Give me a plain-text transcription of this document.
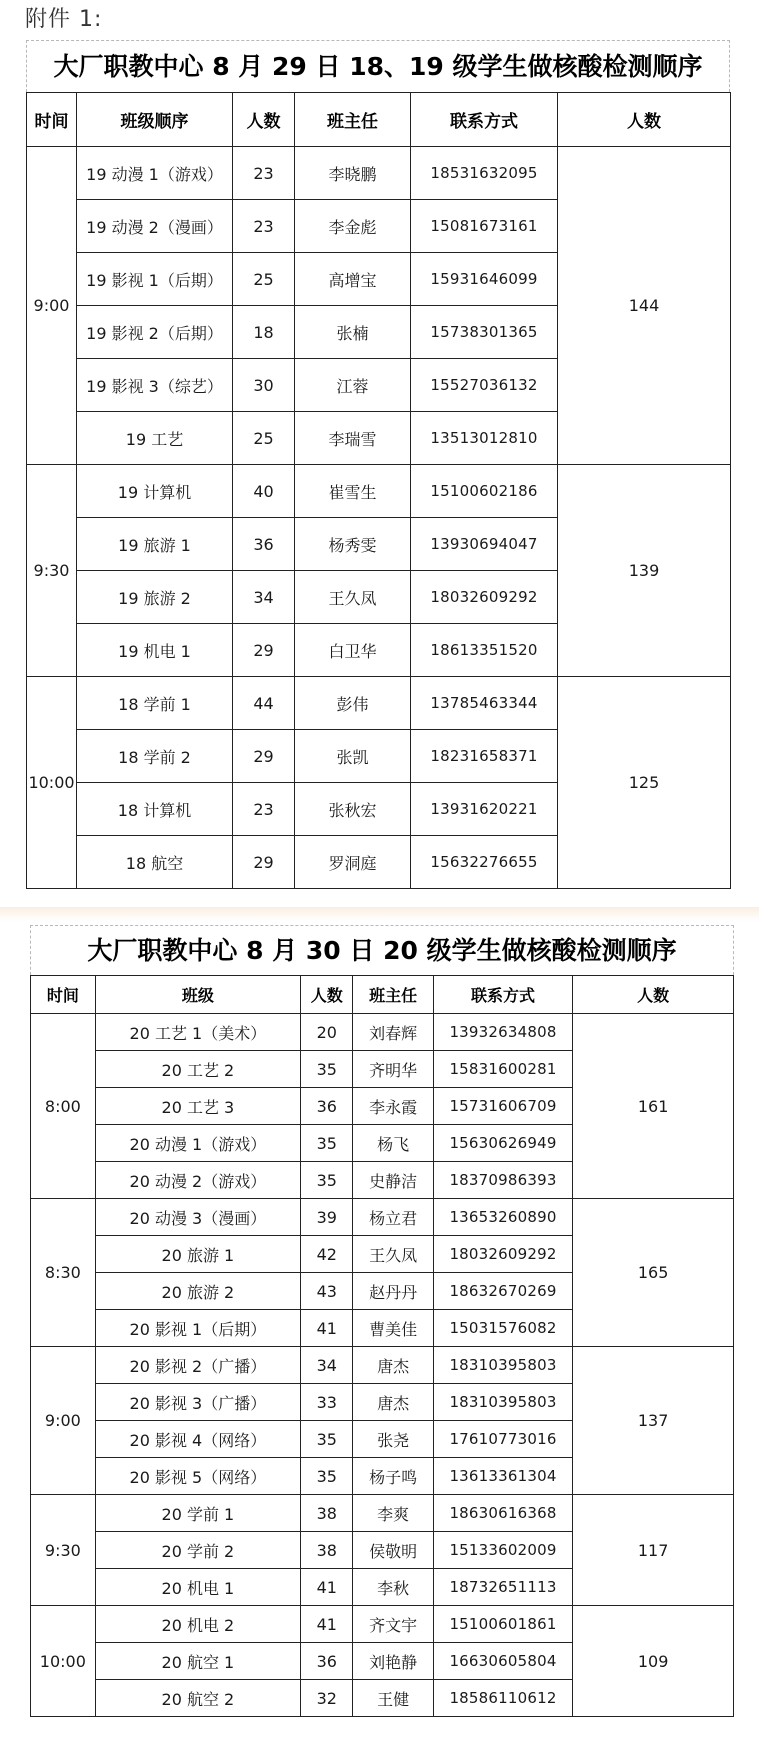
附件 1:
大厂职教中心 8 月 29 日 18、19 级学生做核酸检测顺序
时间	班级顺序	人数	班主任	联系方式	人数
9:00	19 动漫 1（游戏）	23	李晓鹏	18531632095	144
	19 动漫 2（漫画）	23	李金彪	15081673161	
	19 影视 1（后期）	25	高增宝	15931646099	
	19 影视 2（后期）	18	张楠	15738301365	
	19 影视 3（综艺）	30	江蓉	15527036132	
	19 工艺	25	李瑞雪	13513012810	
9:30	19 计算机	40	崔雪生	15100602186	139
	19 旅游 1	36	杨秀雯	13930694047	
	19 旅游 2	34	王久凤	18032609292	
	19 机电 1	29	白卫华	18613351520	
10:00	18 学前 1	44	彭伟	13785463344	125
	18 学前 2	29	张凯	18231658371	
	18 计算机	23	张秋宏	13931620221	
	18 航空	29	罗洞庭	15632276655	
大厂职教中心 8 月 30 日 20 级学生做核酸检测顺序
时间	班级	人数	班主任	联系方式	人数
8:00	20 工艺 1（美术）	20	刘春辉	13932634808	161
	20 工艺 2	35	齐明华	15831600281	
	20 工艺 3	36	李永霞	15731606709	
	20 动漫 1（游戏）	35	杨飞	15630626949	
	20 动漫 2（游戏）	35	史静洁	18370986393	
8:30	20 动漫 3（漫画）	39	杨立君	13653260890	165
	20 旅游 1	42	王久凤	18032609292	
	20 旅游 2	43	赵丹丹	18632670269	
	20 影视 1（后期）	41	曹美佳	15031576082	
9:00	20 影视 2（广播）	34	唐杰	18310395803	137
	20 影视 3（广播）	33	唐杰	18310395803	
	20 影视 4（网络）	35	张尧	17610773016	
	20 影视 5（网络）	35	杨子鸣	13613361304	
9:30	20 学前 1	38	李爽	18630616368	117
	20 学前 2	38	侯敬明	15133602009	
	20 机电 1	41	李秋	18732651113	
10:00	20 机电 2	41	齐文宇	15100601861	109
	20 航空 1	36	刘艳静	16630605804	
	20 航空 2	32	王健	18586110612	
